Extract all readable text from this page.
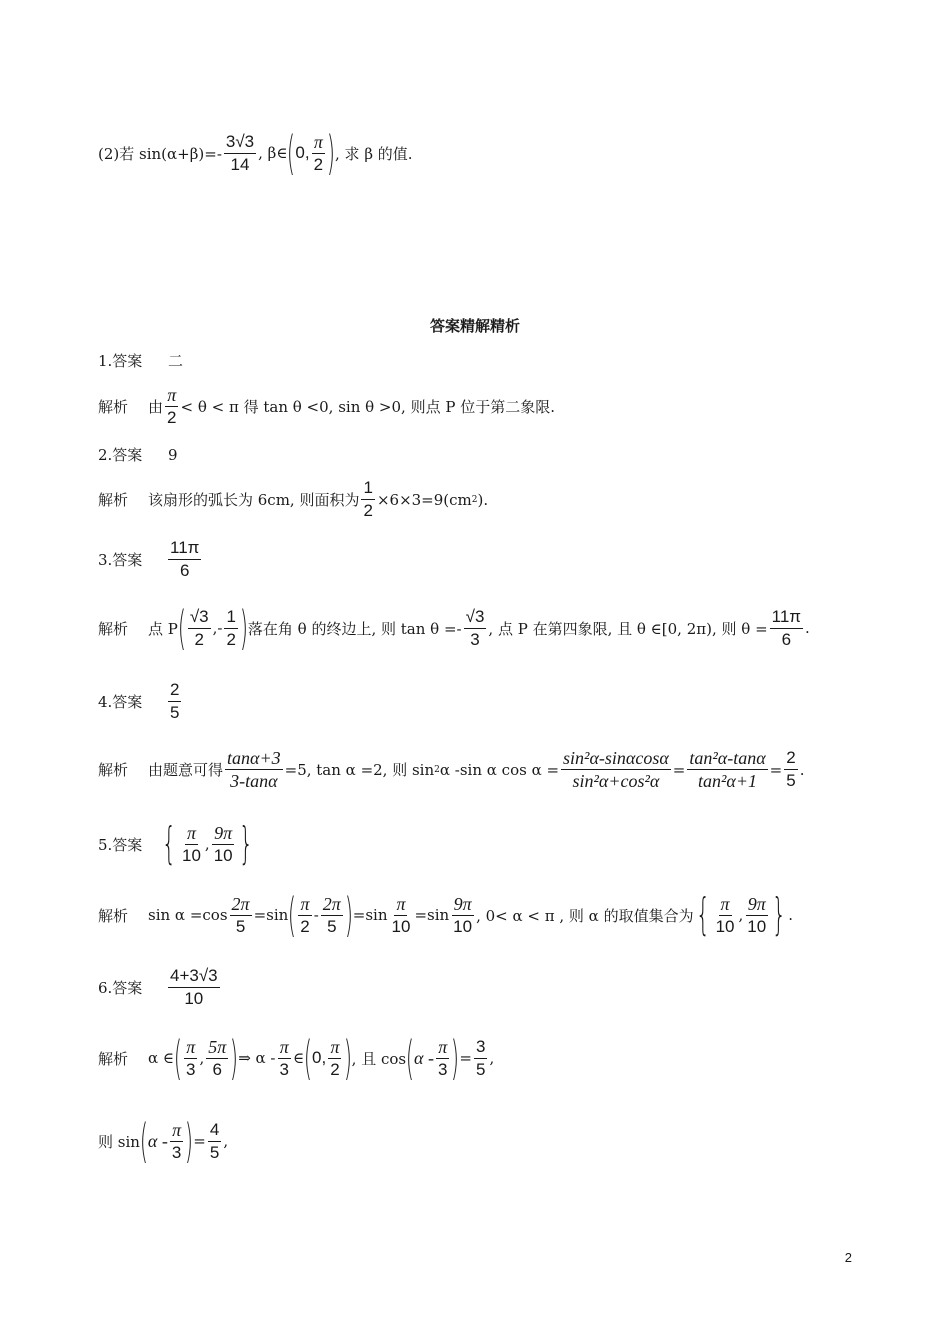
(2)若 $\sin(\alpha+\beta)=- \frac{3√3}{14}$ , β∈ ( 0, $\frac{\pi}{2}$ ) , 求 β 的值.
答案精解精析
1.答案	二
解析	由 $\frac{\pi}{2} < \theta < \pi$ 得 tan θ <0, sin θ >0, 则点 P 位于第二象限.
2.答案	9
解析	该扇形的弧长为 6cm, 则面积为 $\frac{1}{2} \times 6\times 3=9(cm$ 2 ).
3.答案	$\frac{11\pi}{6}$
解析	点 P ( $\frac{√3}{2}$ ,- $\frac{1}{2}$ ) 落在角 θ 的终边上, 则 $\tan \theta =- \frac{√3}{3}$ , 点 P 在第四象限, 且 θ ∈[0, 2π), 则 $\theta = \frac{11\pi}{6}$ .
4.答案	$\frac{2}{5}$
解析	由题意可得 $\frac{\tan\alpha+3}{3-\tan\alpha} =5$, tan α =2, 则 sin 2 α -sin α $\cos \alpha = \frac{\text{sin²α-sinαcosα}}{\text{sin²α+cos²α}} = \frac{\text{tan²α-tanα}}{\text{tan²α+1}} = \frac{2}{5}$ .
5.答案 { $\frac{\pi}{10}$ , $\frac{9\pi}{10}$ }
解析	$\sin \alpha =\cos \frac{2\pi}{5} =\sin$ ( $\frac{\pi}{2} - \frac{2\pi}{5}$ ) $=\sin \frac{\pi}{10} =\sin \frac{9\pi}{10}$ , 0< α < π , 则 α 的取值集合为 { $\frac{\pi}{10}$ , $\frac{9\pi}{10}$ } .
6.答案	$\frac{4+3√3}{10}$
解析	α ∈ ( $\frac{\pi}{3}$ , $\frac{5\pi}{6}$ ) ⇒ α - $\frac{\pi}{3}$ ∈ ( 0, $\frac{\pi}{2}$ ) , 且 cos ( α - $\frac{\pi}{3}$ ) = $\frac{3}{5}$ ,
则 sin ( α - $\frac{\pi}{3}$ ) = $\frac{4}{5}$ ,
2
